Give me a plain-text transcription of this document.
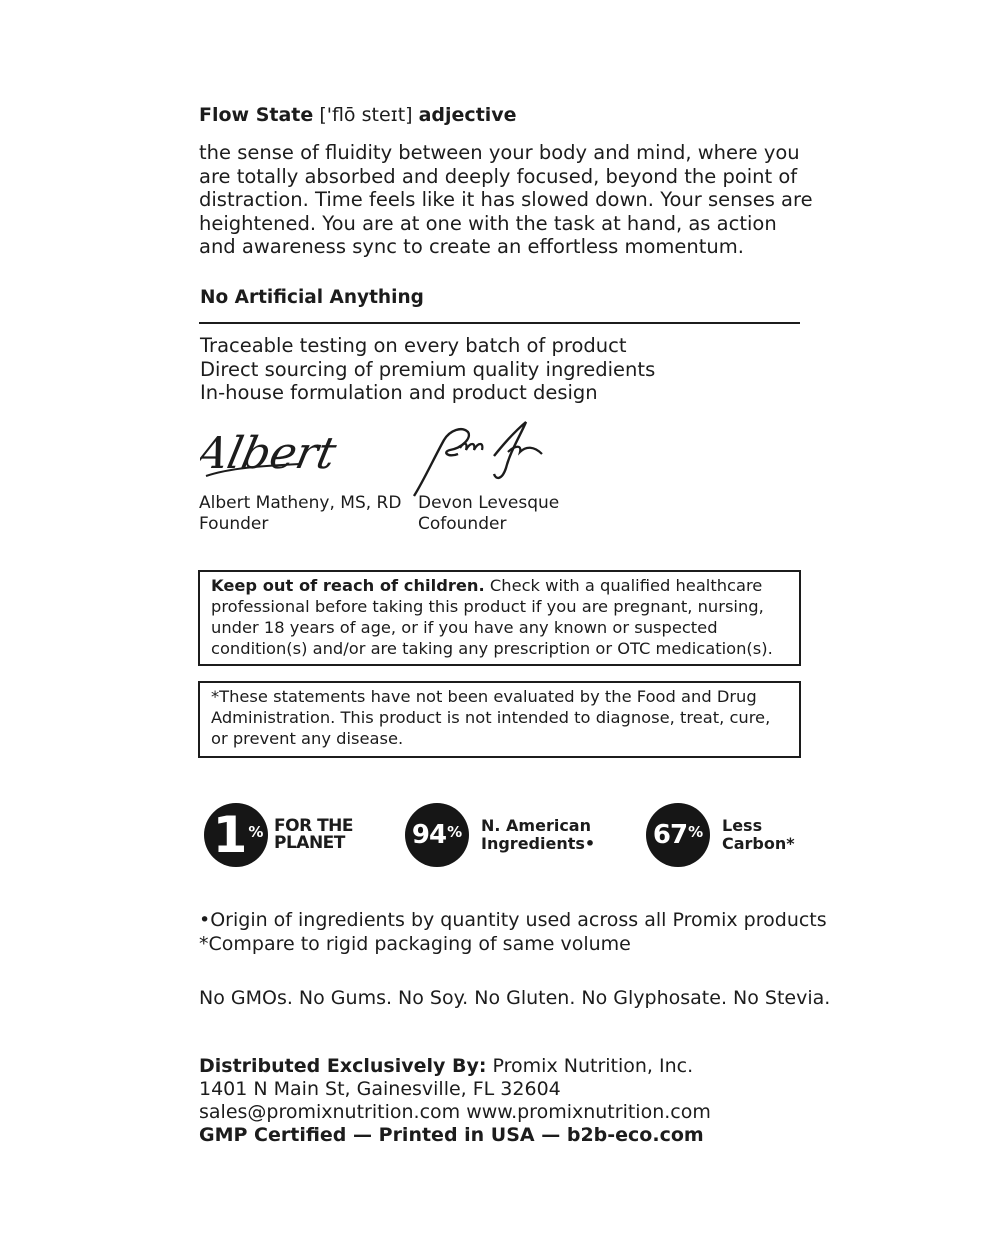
Flow State ['flō steɪt] adjective
the sense of fluidity between your body and mind, where you
are totally absorbed and deeply focused, beyond the point of
distraction. Time feels like it has slowed down. Your senses are
heightened. You are at one with the task at hand, as action
and awareness sync to create an effortless momentum.
No Artificial Anything
Traceable testing on every batch of product
Direct sourcing of premium quality ingredients
In-house formulation and product design
Albert
Albert Matheny, MS, RD
Founder
Devon Levesque
Cofounder
Keep out of reach of children. Check with a qualified healthcare
professional before taking this product if you are pregnant, nursing,
under 18 years of age, or if you have any known or suspected
condition(s) and/or are taking any prescription or OTC medication(s).
*These statements have not been evaluated by the Food and Drug
Administration. This product is not intended to diagnose, treat, cure,
or prevent any disease.
1 % FOR THE
PLANET	94 % N. American
Ingredients• 67 % Less
Carbon*
•Origin of ingredients by quantity used across all Promix products
*Compare to rigid packaging of same volume
No GMOs. No Gums. No Soy. No Gluten. No Glyphosate. No Stevia.
Distributed Exclusively By: Promix Nutrition, Inc.
1401 N Main St, Gainesville, FL 32604
sales@promixnutrition.com www.promixnutrition.com
GMP Certified — Printed in USA — b2b-eco.com
